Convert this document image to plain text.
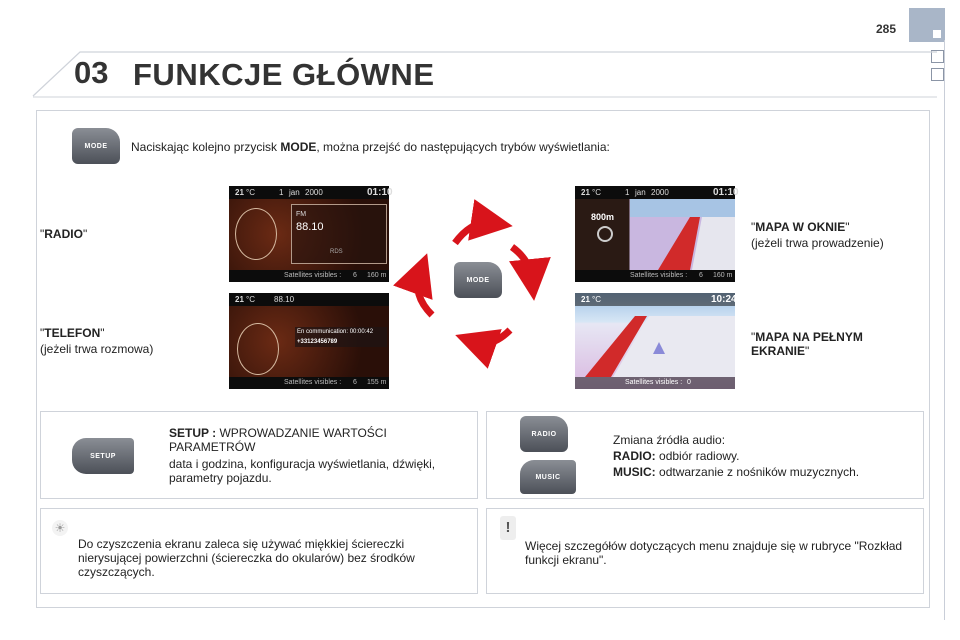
285
03 FUNKCJE GŁÓWNE
MODE	Naciskając kolejno przycisk MODE, można przejść do następujących trybów wyświetlania:
"RADIO"
"TELEFON"
(jeżeli trwa rozmowa)
"MAPA W OKNIE"
(jeżeli trwa prowadzenie)
"MAPA NA PEŁNYM
EKRANIE"
21 °C	1 jan 2000	01:10
FM
88.10
RDS
Satellites visibles : 6 160 m
21 °C 88.10
En communication: 00:00:42
+33123456789
Satellites visibles : 6 155 m
21 °C	1 jan 2000	01:10
800m
Satellites visibles : 6 160 m
21 °C	10:24
Satellites visibles : 0
MODE
SETUP
SETUP : WPROWADZANIE WARTOŚCI PARAMETRÓW
data i godzina, konfiguracja wyświetlania, dźwięki, parametry pojazdu.
RADIO
MUSIC
Zmiana źródła audio:
RADIO: odbiór radiowy.
MUSIC: odtwarzanie z nośników muzycznych.
☀
Do czyszczenia ekranu zaleca się używać miękkiej ściereczki nierysującej powierzchni (ściereczka do okularów) bez środków czyszczących.
!
Więcej szczegółów dotyczących menu znajduje się w rubryce "Rozkład funkcji ekranu".
